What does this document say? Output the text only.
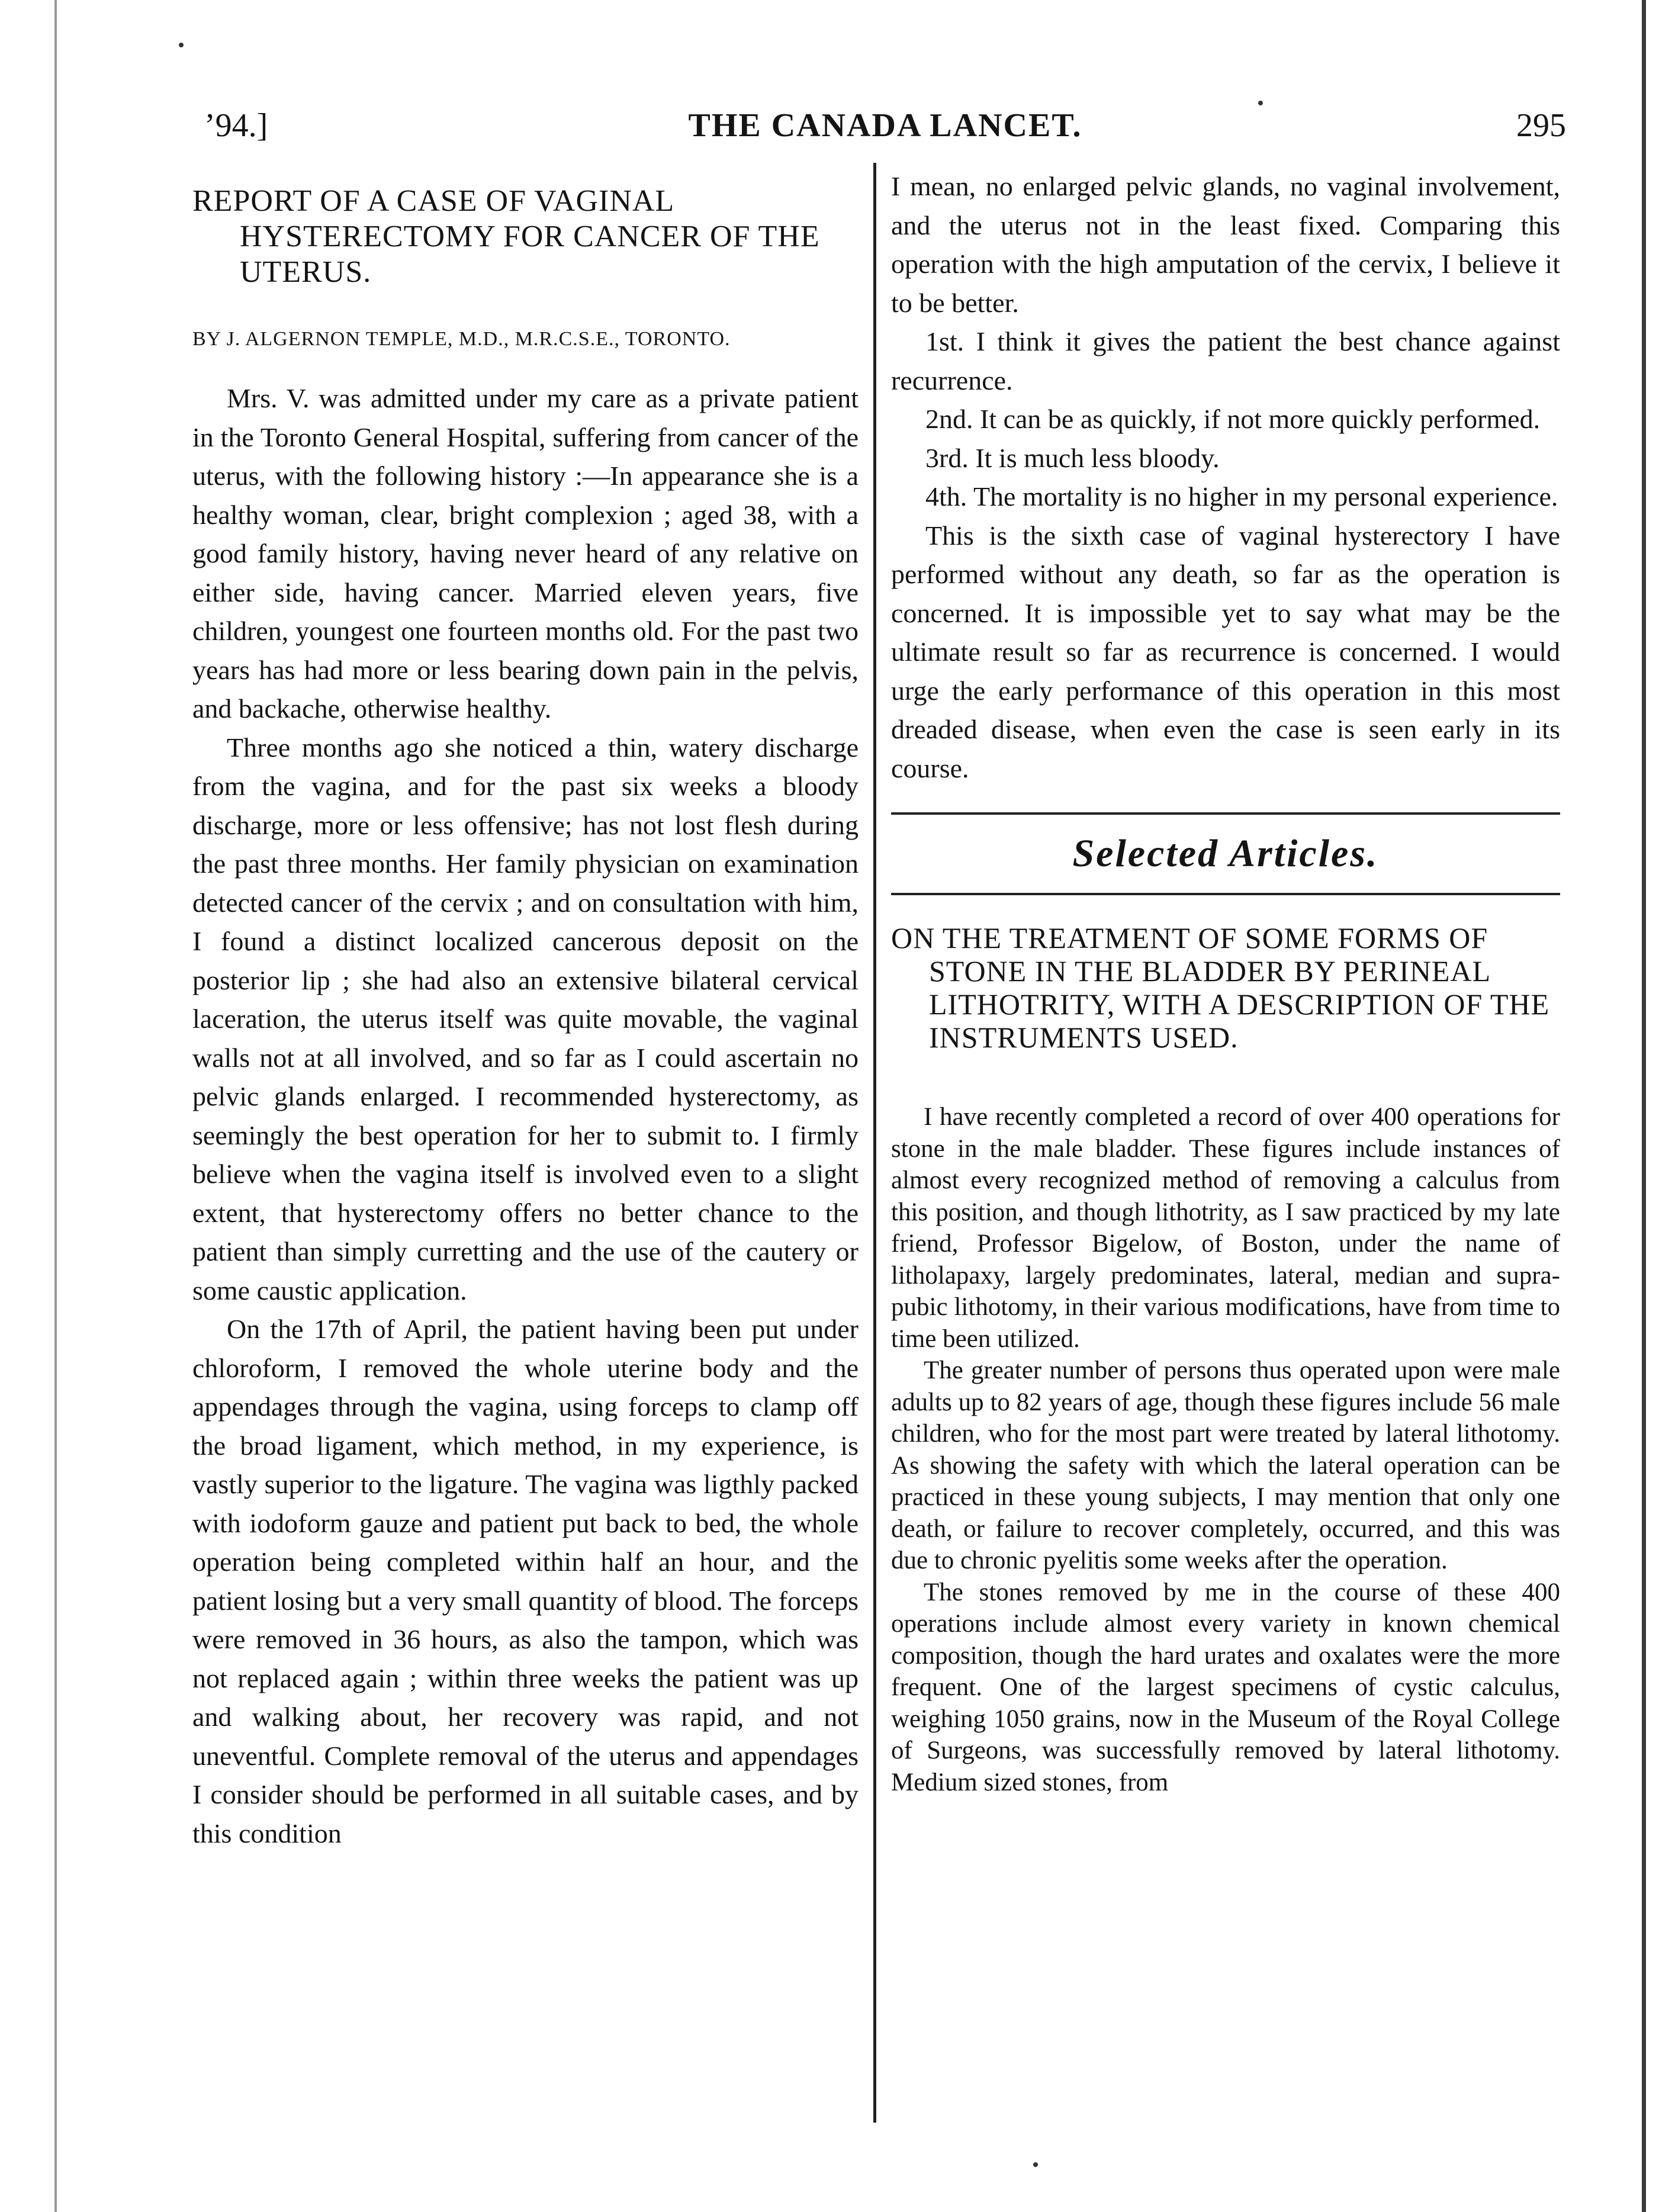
’94.]	THE CANADA LANCET.	295
REPORT OF A CASE OF VAGINAL HYSTERECTOMY FOR CANCER OF THE UTERUS.
BY J. ALGERNON TEMPLE, M.D., M.R.C.S.E., TORONTO.

Mrs. V. was admitted under my care as a private patient in the Toronto General Hospital, suffering from cancer of the uterus, with the following history :—In appearance she is a healthy woman, clear, bright complexion ; aged 38, with a good family history, having never heard of any relative on either side, having cancer. Married eleven years, five children, youngest one fourteen months old. For the past two years has had more or less bearing down pain in the pelvis, and backache, otherwise healthy.

Three months ago she noticed a thin, watery discharge from the vagina, and for the past six weeks a bloody discharge, more or less offensive; has not lost flesh during the past three months. Her family physician on examination detected cancer of the cervix ; and on consultation with him, I found a distinct localized cancerous deposit on the posterior lip ; she had also an extensive bilateral cervical laceration, the uterus itself was quite movable, the vaginal walls not at all involved, and so far as I could ascertain no pelvic glands enlarged. I recommended hysterectomy, as seemingly the best operation for her to submit to. I firmly believe when the vagina itself is involved even to a slight extent, that hysterectomy offers no better chance to the patient than simply curretting and the use of the cautery or some caustic application.

On the 17th of April, the patient having been put under chloroform, I removed the whole uterine body and the appendages through the vagina, using forceps to clamp off the broad ligament, which method, in my experience, is vastly superior to the ligature. The vagina was ligthly packed with iodoform gauze and patient put back to bed, the whole operation being completed within half an hour, and the patient losing but a very small quantity of blood. The forceps were removed in 36 hours, as also the tampon, which was not replaced again ; within three weeks the patient was up and walking about, her recovery was rapid, and not uneventful. Complete removal of the uterus and appendages I consider should be performed in all suitable cases, and by this condition

I mean, no enlarged pelvic glands, no vaginal involvement, and the uterus not in the least fixed. Comparing this operation with the high amputation of the cervix, I believe it to be better.

1st. I think it gives the patient the best chance against recurrence.

2nd. It can be as quickly, if not more quickly performed.

3rd. It is much less bloody.

4th. The mortality is no higher in my personal experience.

This is the sixth case of vaginal hysterectory I have performed without any death, so far as the operation is concerned. It is impossible yet to say what may be the ultimate result so far as recurrence is concerned. I would urge the early performance of this operation in this most dreaded disease, when even the case is seen early in its course.

Selected Articles.
ON THE TREATMENT OF SOME FORMS OF STONE IN THE BLADDER BY PERINEAL LITHOTRITY, WITH A DESCRIPTION OF THE INSTRUMENTS USED.

I have recently completed a record of over 400 operations for stone in the male bladder. These figures include instances of almost every recognized method of removing a calculus from this position, and though lithotrity, as I saw practiced by my late friend, Professor Bigelow, of Boston, under the name of litholapaxy, largely predominates, lateral, median and supra-pubic lithotomy, in their various modifications, have from time to time been utilized.

The greater number of persons thus operated upon were male adults up to 82 years of age, though these figures include 56 male children, who for the most part were treated by lateral lithotomy. As showing the safety with which the lateral operation can be practiced in these young subjects, I may mention that only one death, or failure to recover completely, occurred, and this was due to chronic pyelitis some weeks after the operation.

The stones removed by me in the course of these 400 operations include almost every variety in known chemical composition, though the hard urates and oxalates were the more frequent. One of the largest specimens of cystic calculus, weighing 1050 grains, now in the Museum of the Royal College of Surgeons, was successfully removed by lateral lithotomy. Medium sized stones, from
